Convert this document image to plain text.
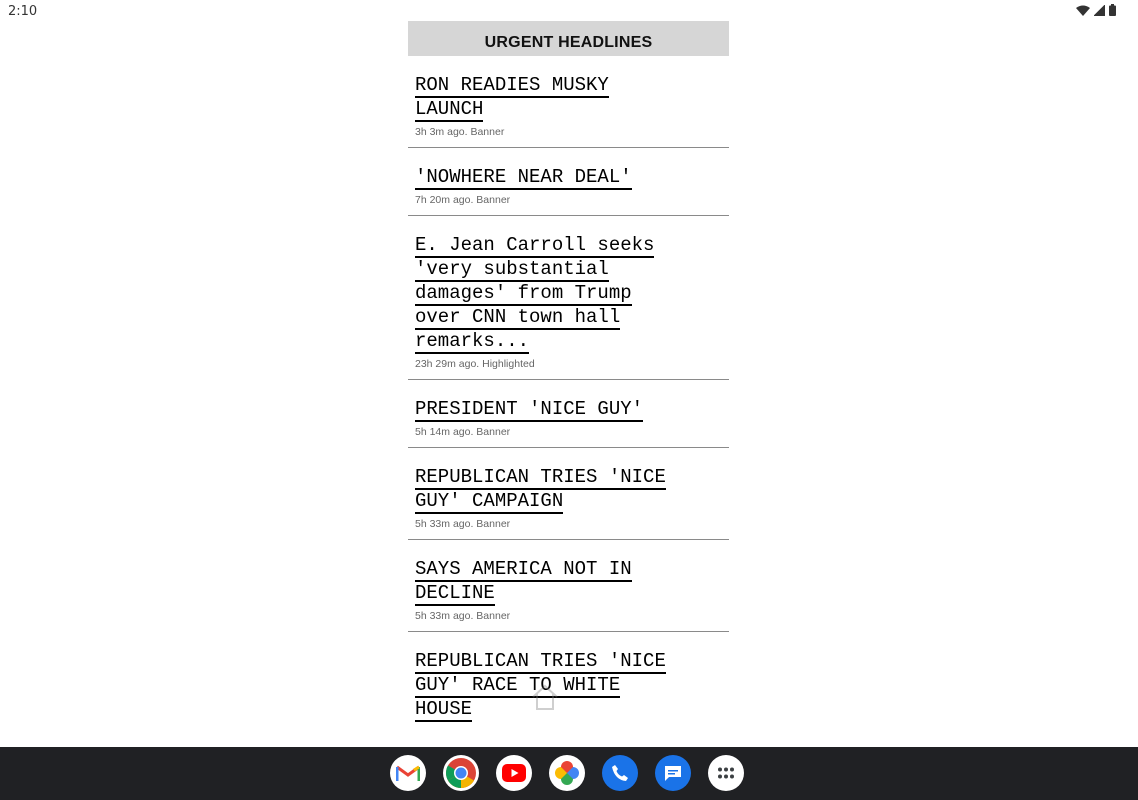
2:10
URGENT HEADLINES

RON READIES MUSKY
LAUNCH

3h 3m ago. Banner

'NOWHERE NEAR DEAL'

7h 20m ago. Banner

E. Jean Carroll seeks
'very substantial
damages' from Trump
over CNN town hall
remarks...

23h 29m ago. Highlighted

PRESIDENT 'NICE GUY'

5h 14m ago. Banner

REPUBLICAN TRIES 'NICE
GUY' CAMPAIGN

5h 33m ago. Banner

SAYS AMERICA NOT IN
DECLINE

5h 33m ago. Banner

REPUBLICAN TRIES 'NICE
GUY' RACE TO WHITE
HOUSE
